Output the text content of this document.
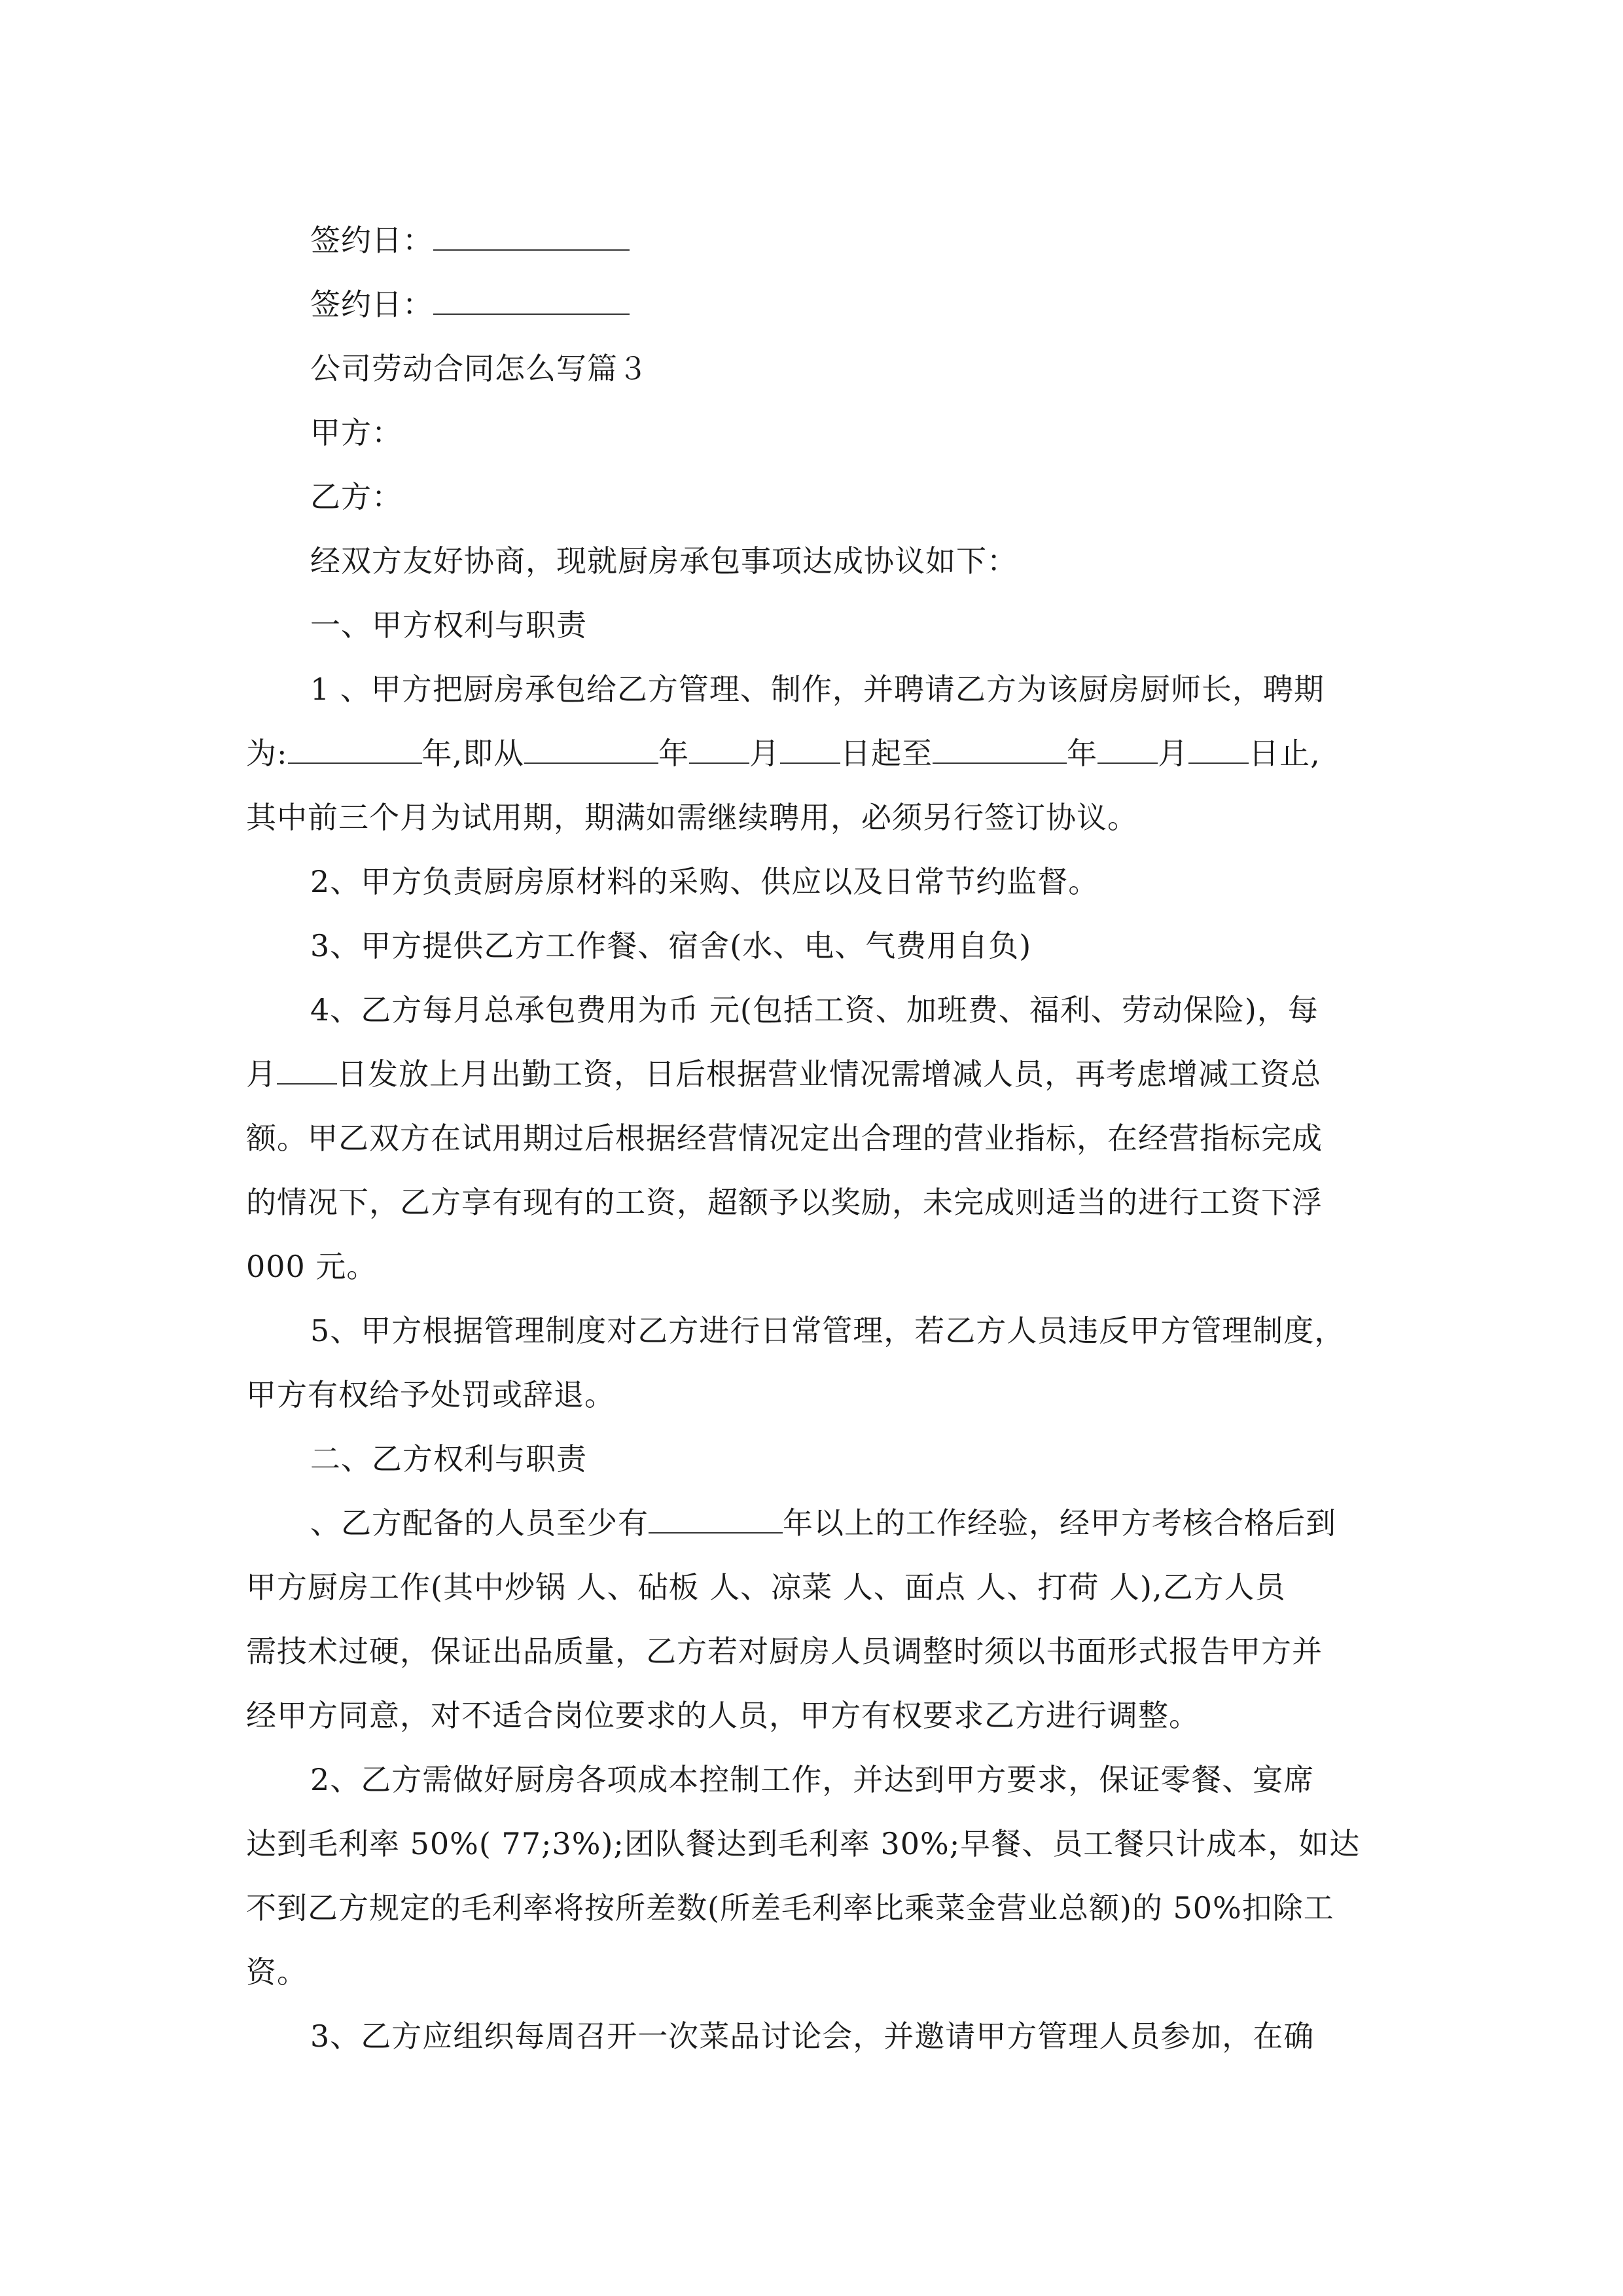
签约日：
签约日：
公司劳动合同怎么写篇３
甲方：
乙方：
经双方友好协商，现就厨房承包事项达成协议如下：
一、甲方权利与职责
1 、甲方把厨房承包给乙方管理、制作，并聘请乙方为该厨房厨师长，聘期
为:	年,即从	年 月 日起至	年 月 日止,
其中前三个月为试用期，期满如需继续聘用，必须另行签订协议。
2、甲方负责厨房原材料的采购、供应以及日常节约监督。
3、甲方提供乙方工作餐、宿舍(水、电、气费用自负)
4、乙方每月总承包费用为币 元(包括工资、加班费、福利、劳动保险)，每
月 日发放上月出勤工资，日后根据营业情况需增减人员，再考虑增减工资总
额。甲乙双方在试用期过后根据经营情况定出合理的营业指标，在经营指标完成
的情况下，乙方享有现有的工资，超额予以奖励，未完成则适当的进行工资下浮
000 元。
5、甲方根据管理制度对乙方进行日常管理，若乙方人员违反甲方管理制度，
甲方有权给予处罚或辞退。
二、乙方权利与职责
、乙方配备的人员至少有	年以上的工作经验，经甲方考核合格后到
甲方厨房工作(其中炒锅 人、砧板 人、凉菜 人、面点 人、打荷 人),乙方人员
需技术过硬，保证出品质量，乙方若对厨房人员调整时须以书面形式报告甲方并
经甲方同意，对不适合岗位要求的人员，甲方有权要求乙方进行调整。
2、乙方需做好厨房各项成本控制工作，并达到甲方要求，保证零餐、宴席
达到毛利率 50%( 77;3%);团队餐达到毛利率 30%;早餐、员工餐只计成本，如达
不到乙方规定的毛利率将按所差数(所差毛利率比乘菜金营业总额)的 50%扣除工
资。
3、乙方应组织每周召开一次菜品讨论会，并邀请甲方管理人员参加，在确
